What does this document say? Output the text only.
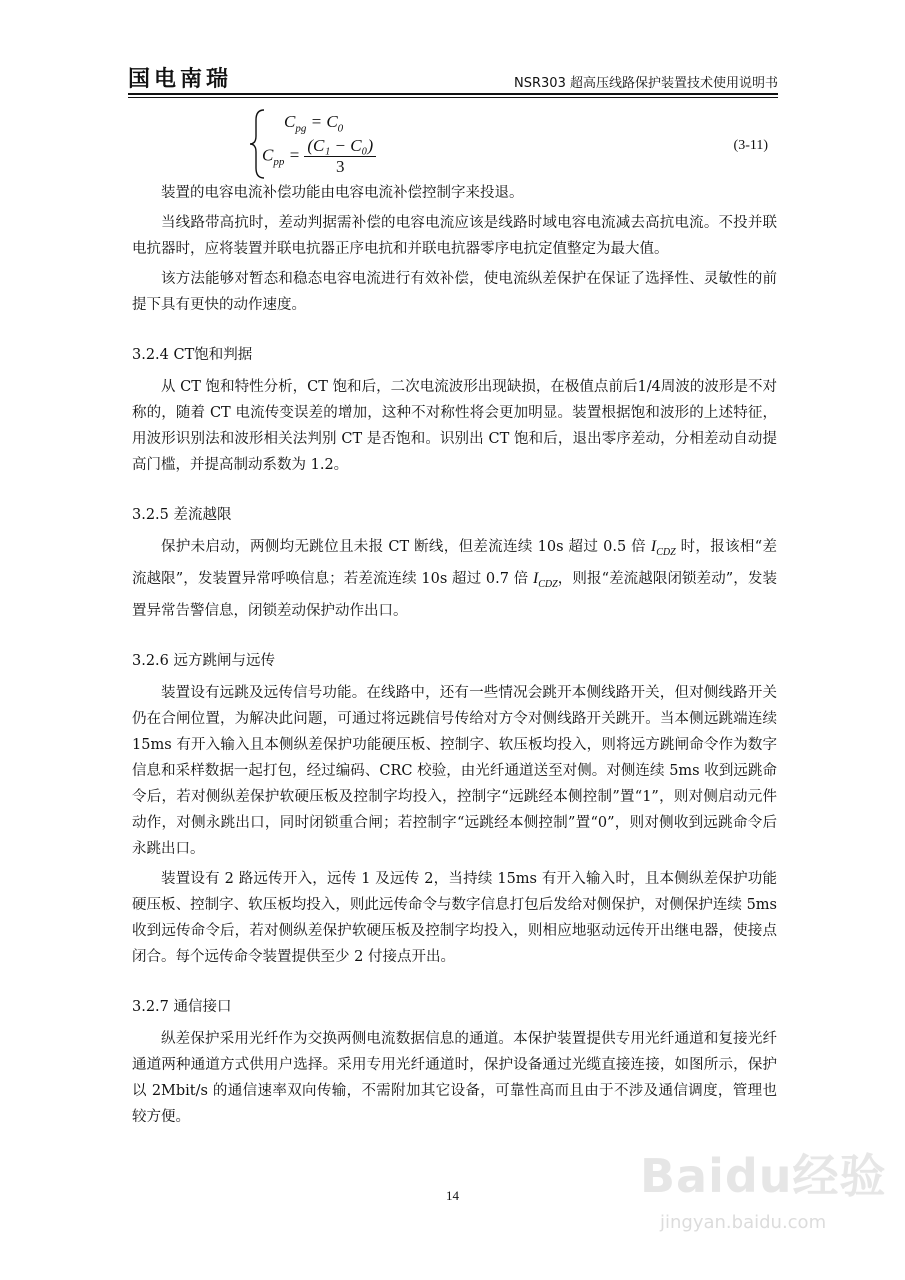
国电南瑞	NSR303 超高压线路保护装置技术使用说明书
$C_{pg} = C_0$
$C_{pp} = \frac{\text{(C₁ − C₀)}}{3}$	(3-11)

装置的电容电流补偿功能由电容电流补偿控制字来投退。

当线路带高抗时，差动判据需补偿的电容电流应该是线路时域电容电流减去高抗电流。不投并联电抗器时，应将装置并联电抗器正序电抗和并联电抗器零序电抗定值整定为最大值。

该方法能够对暂态和稳态电容电流进行有效补偿，使电流纵差保护在保证了选择性、灵敏性的前提下具有更快的动作速度。

3.2.4 CT饱和判据

从 CT 饱和特性分析，CT 饱和后，二次电流波形出现缺损，在极值点前后1/4周波的波形是不对称的，随着 CT 电流传变误差的增加，这种不对称性将会更加明显。装置根据饱和波形的上述特征，用波形识别法和波形相关法判别 CT 是否饱和。识别出 CT 饱和后，退出零序差动，分相差动自动提高门槛，并提高制动系数为 1.2。

3.2.5 差流越限

保护未启动，两侧均无跳位且未报 CT 断线，但差流连续 10s 超过 0.5 倍 $I_{CDZ}$ 时，报该相“差流越限”，发装置异常呼唤信息；若差流连续 10s 超过 0.7 倍 $I_{CDZ}$，则报“差流越限闭锁差动”，发装置异常告警信息，闭锁差动保护动作出口。

3.2.6 远方跳闸与远传

装置设有远跳及远传信号功能。在线路中，还有一些情况会跳开本侧线路开关，但对侧线路开关仍在合闸位置，为解决此问题，可通过将远跳信号传给对方令对侧线路开关跳开。当本侧远跳端连续 15ms 有开入输入且本侧纵差保护功能硬压板、控制字、软压板均投入，则将远方跳闸命令作为数字信息和采样数据一起打包，经过编码、CRC 校验，由光纤通道送至对侧。对侧连续 5ms 收到远跳命令后，若对侧纵差保护软硬压板及控制字均投入，控制字“远跳经本侧控制”置“1”，则对侧启动元件动作，对侧永跳出口，同时闭锁重合闸；若控制字“远跳经本侧控制”置“0”，则对侧收到远跳命令后永跳出口。

装置设有 2 路远传开入，远传 1 及远传 2，当持续 15ms 有开入输入时，且本侧纵差保护功能硬压板、控制字、软压板均投入，则此远传命令与数字信息打包后发给对侧保护，对侧保护连续 5ms 收到远传命令后，若对侧纵差保护软硬压板及控制字均投入，则相应地驱动远传开出继电器，使接点闭合。每个远传命令装置提供至少 2 付接点开出。

3.2.7 通信接口

纵差保护采用光纤作为交换两侧电流数据信息的通道。本保护装置提供专用光纤通道和复接光纤通道两种通道方式供用户选择。采用专用光纤通道时，保护设备通过光缆直接连接，如图所示，保护以 2Mbit/s 的通信速率双向传输，不需附加其它设备，可靠性高而且由于不涉及通信调度，管理也较方便。

14	Baidu经验
jingyan.baidu.com
